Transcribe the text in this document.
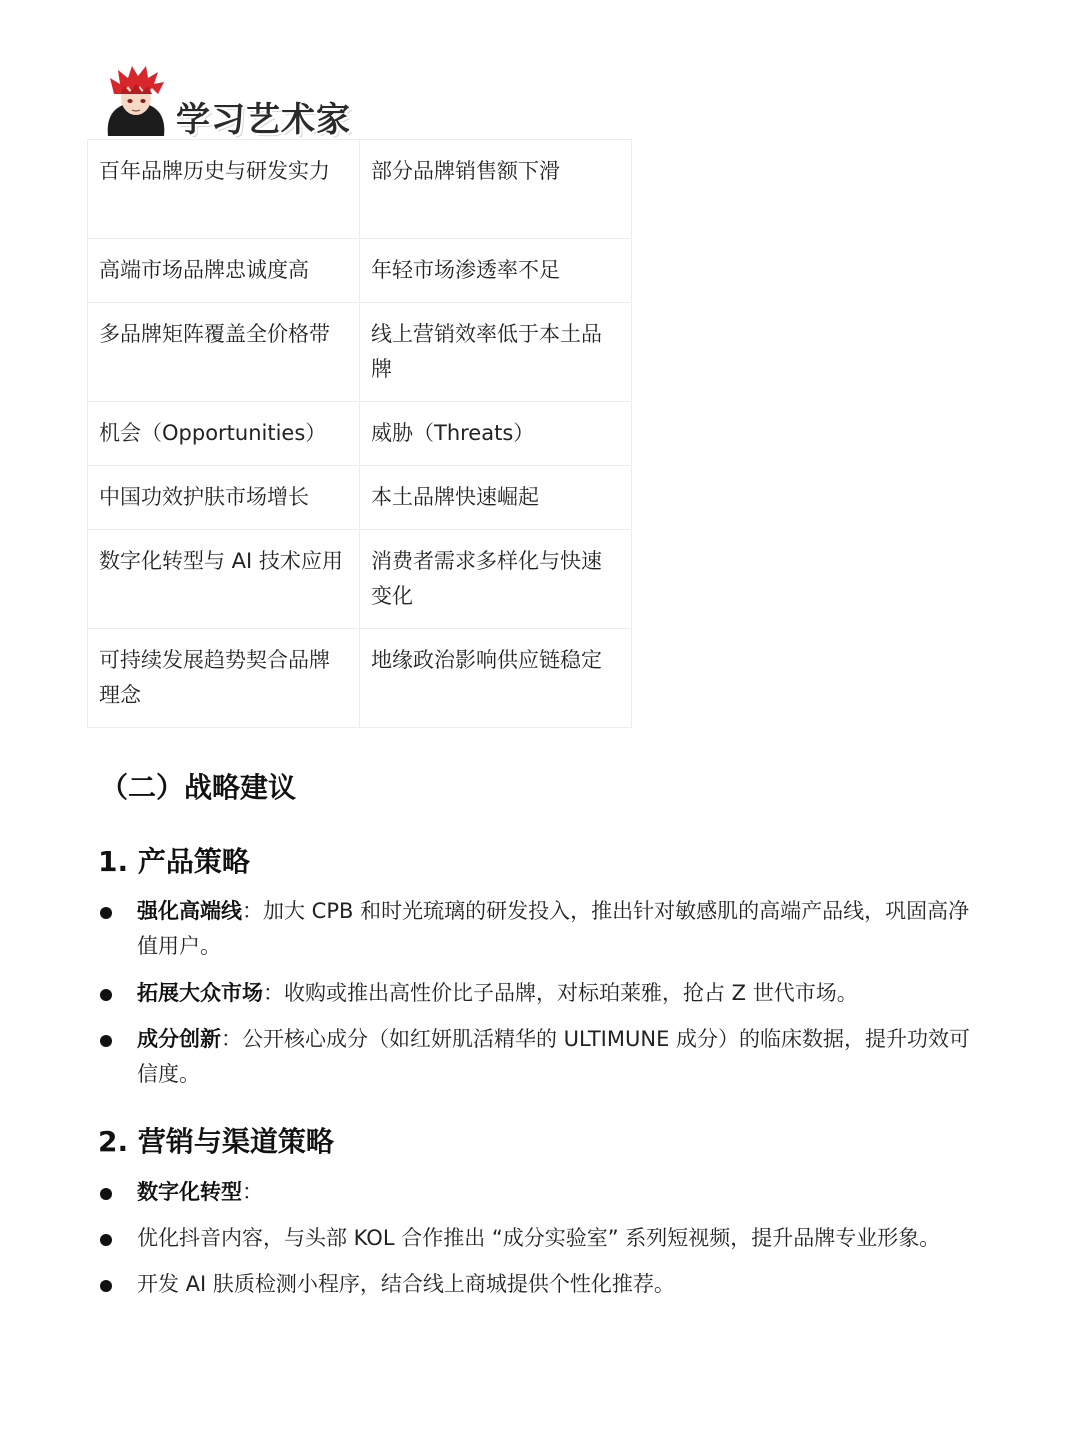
学习艺术家
百年品牌历史与研发实力	部分品牌销售额下滑
高端市场品牌忠诚度高	年轻市场渗透率不足
多品牌矩阵覆盖全价格带	线上营销效率低于本土品牌
机会（Opportunities）	威胁（Threats）
中国功效护肤市场增长	本土品牌快速崛起
数字化转型与 AI 技术应用	消费者需求多样化与快速变化
可持续发展趋势契合品牌理念	地缘政治影响供应链稳定
（二）战略建议
1. 产品策略
强化高端线：加大 CPB 和时光琉璃的研发投入，推出针对敏感肌的高端产品线，巩固高净值用户。
拓展大众市场：收购或推出高性价比子品牌，对标珀莱雅，抢占 Z 世代市场。
成分创新：公开核心成分（如红妍肌活精华的 ULTIMUNE 成分）的临床数据，提升功效可信度。
2. 营销与渠道策略
数字化转型：
优化抖音内容，与头部 KOL 合作推出 “成分实验室” 系列短视频，提升品牌专业形象。
开发 AI 肤质检测小程序，结合线上商城提供个性化推荐。
